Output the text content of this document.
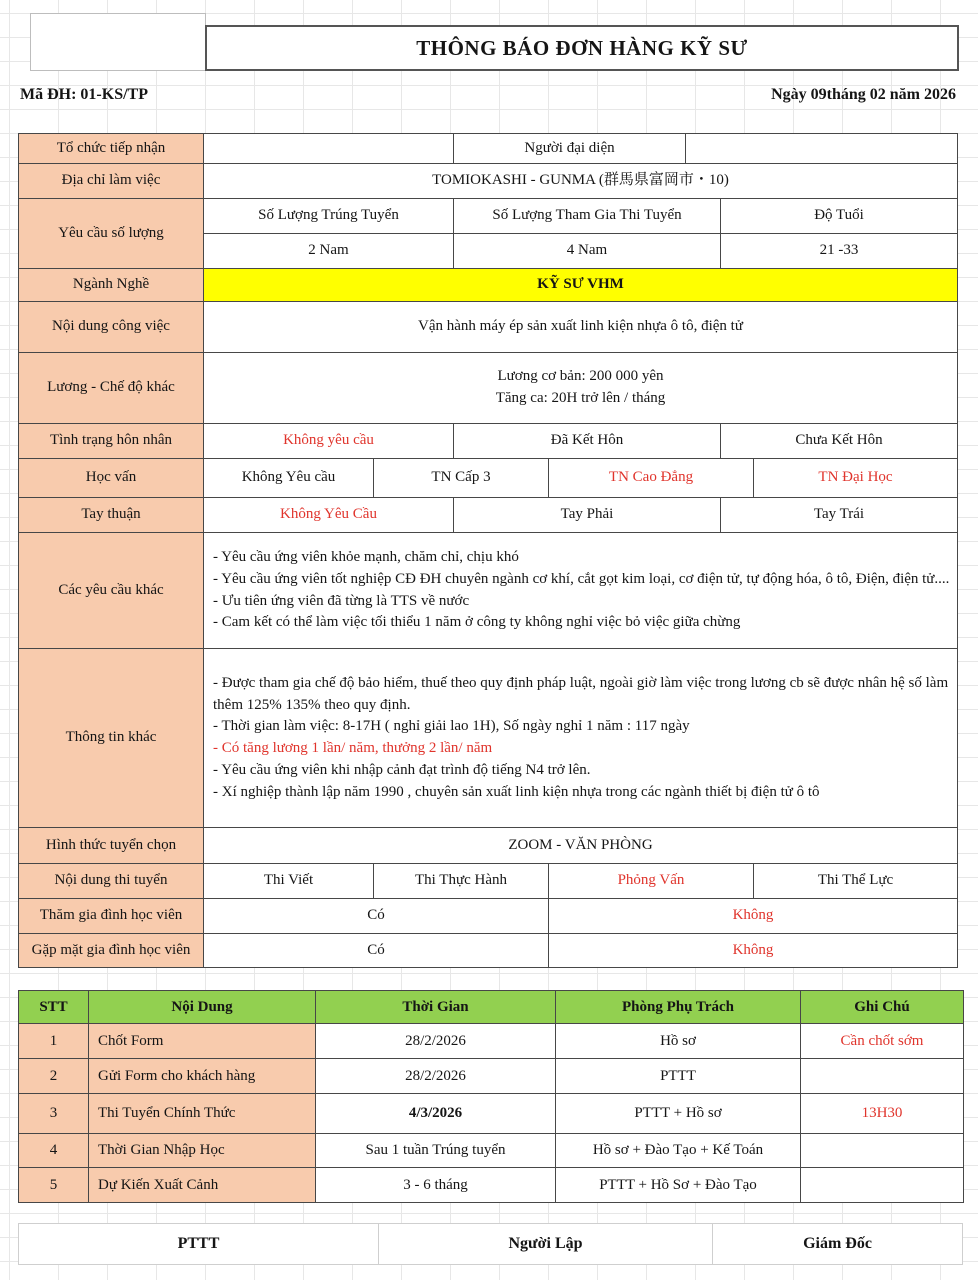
THÔNG BÁO ĐƠN HÀNG KỸ SƯ
Mã ĐH: 01-KS/TP	Ngày 09tháng 02 năm 2026
Tổ chức tiếp nhận			Người đại diện				
Địa chỉ làm việc	TOMIOKASHI - GUNMA (群馬県富岡市・10)						
Yêu cầu số lượng	Số Lượng Trúng Tuyển		Số Lượng Tham Gia Thi Tuyển			Độ Tuổi	
	2 Nam		4 Nam			21 -33	
Ngành Nghề	KỸ SƯ VHM						
Nội dung công việc	Vận hành máy ép sản xuất linh kiện nhựa ô tô, điện tử						
Lương - Chế độ khác	Lương cơ bản: 200 000 yên
Tăng ca: 20H trở lên / tháng						

Tình trạng hôn nhân	Không yêu cầu		Đã Kết Hôn			Chưa Kết Hôn	
Học vấn	Không Yêu cầu	TN Cấp 3		TN Cao Đẳng			TN Đại Học
Tay thuận	Không Yêu Cầu		Tay Phải			Tay Trái	
Các yêu cầu khác	- Yêu cầu ứng viên khỏe mạnh, chăm chỉ, chịu khó
- Yêu cầu ứng viên tốt nghiệp CĐ ĐH chuyên ngành cơ khí, cắt gọt kim loại, cơ điện tử, tự động hóa, ô tô, Điện, điện tử....
- Ưu tiên ứng viên đã từng là TTS về nước
- Cam kết có thể làm việc tối thiểu 1 năm ở công ty không nghỉ việc bỏ việc giữa chừng						

Thông tin khác	- Được tham gia chế độ bảo hiểm, thuế theo quy định pháp luật, ngoài giờ làm việc trong lương cb sẽ được nhân hệ số làm thêm 125% 135% theo quy định.
- Thời gian làm việc: 8-17H ( nghỉ giải lao 1H), Số ngày nghỉ 1 năm : 117 ngày
- Có tăng lương 1 lần/ năm, thưởng 2 lần/ năm
- Yêu cầu ứng viên khi nhập cảnh đạt trình độ tiếng N4 trở lên.
- Xí nghiệp thành lập năm 1990 , chuyên sản xuất linh kiện nhựa trong các ngành thiết bị điện tử ô tô						

Hình thức tuyển chọn	ZOOM - VĂN PHÒNG						
Nội dung thi tuyển	Thi Viết	Thi Thực Hành		Phỏng Vấn			Thi Thể Lực
Thăm gia đình học viên	Có			Không			
Gặp mặt gia đình học viên	Có			Không			
STT	Nội Dung	Thời Gian	Phòng Phụ Trách	Ghi Chú
1	Chốt Form	28/2/2026	Hồ sơ	Cần chốt sớm
2	Gửi Form cho khách hàng	28/2/2026	PTTT	
3	Thi Tuyển Chính Thức	4/3/2026	PTTT + Hồ sơ	13H30
4	Thời Gian Nhập Học	Sau 1 tuần Trúng tuyển	Hồ sơ + Đào Tạo + Kế Toán	
5	Dự Kiến Xuất Cảnh	3 - 6 tháng	PTTT + Hồ Sơ + Đào Tạo	
PTTT	Người Lập	Giám Đốc
